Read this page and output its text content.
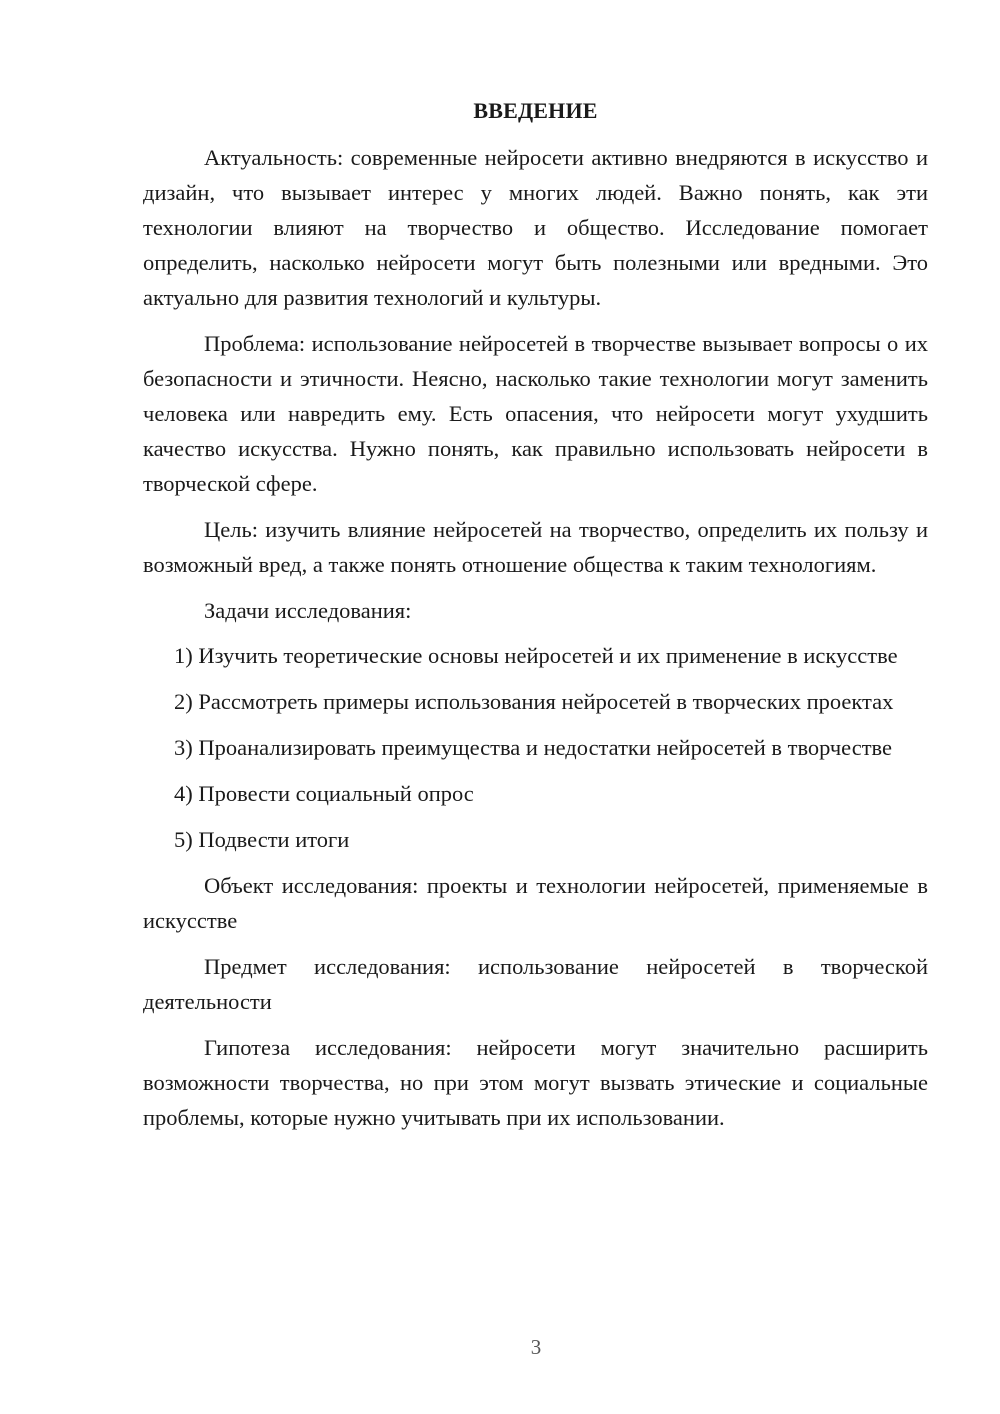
ВВЕДЕНИЕ

Актуальность: современные нейросети активно внедряются в искусство и дизайн, что вызывает интерес у многих людей. Важно понять, как эти технологии влияют на творчество и общество. Исследование помогает определить, насколько нейросети могут быть полезными или вредными. Это актуально для развития технологий и культуры.

Проблема: использование нейросетей в творчестве вызывает вопросы о их безопасности и этичности. Неясно, насколько такие технологии могут заменить человека или навредить ему. Есть опасения, что нейросети могут ухудшить качество искусства. Нужно понять, как правильно использовать нейросети в творческой сфере.

Цель: изучить влияние нейросетей на творчество, определить их пользу и возможный вред, а также понять отношение общества к таким технологиям.

Задачи исследования:

1) Изучить теоретические основы нейросетей и их применение в искусстве

2) Рассмотреть примеры использования нейросетей в творческих проектах

3) Проанализировать преимущества и недостатки нейросетей в творчестве

4) Провести социальный опрос

5) Подвести итоги

Объект исследования: проекты и технологии нейросетей, применяемые в искусстве

Предмет исследования: использование нейросетей в творческой деятельности

Гипотеза исследования: нейросети могут значительно расширить возможности творчества, но при этом могут вызвать этические и социальные проблемы, которые нужно учитывать при их использовании.

3
